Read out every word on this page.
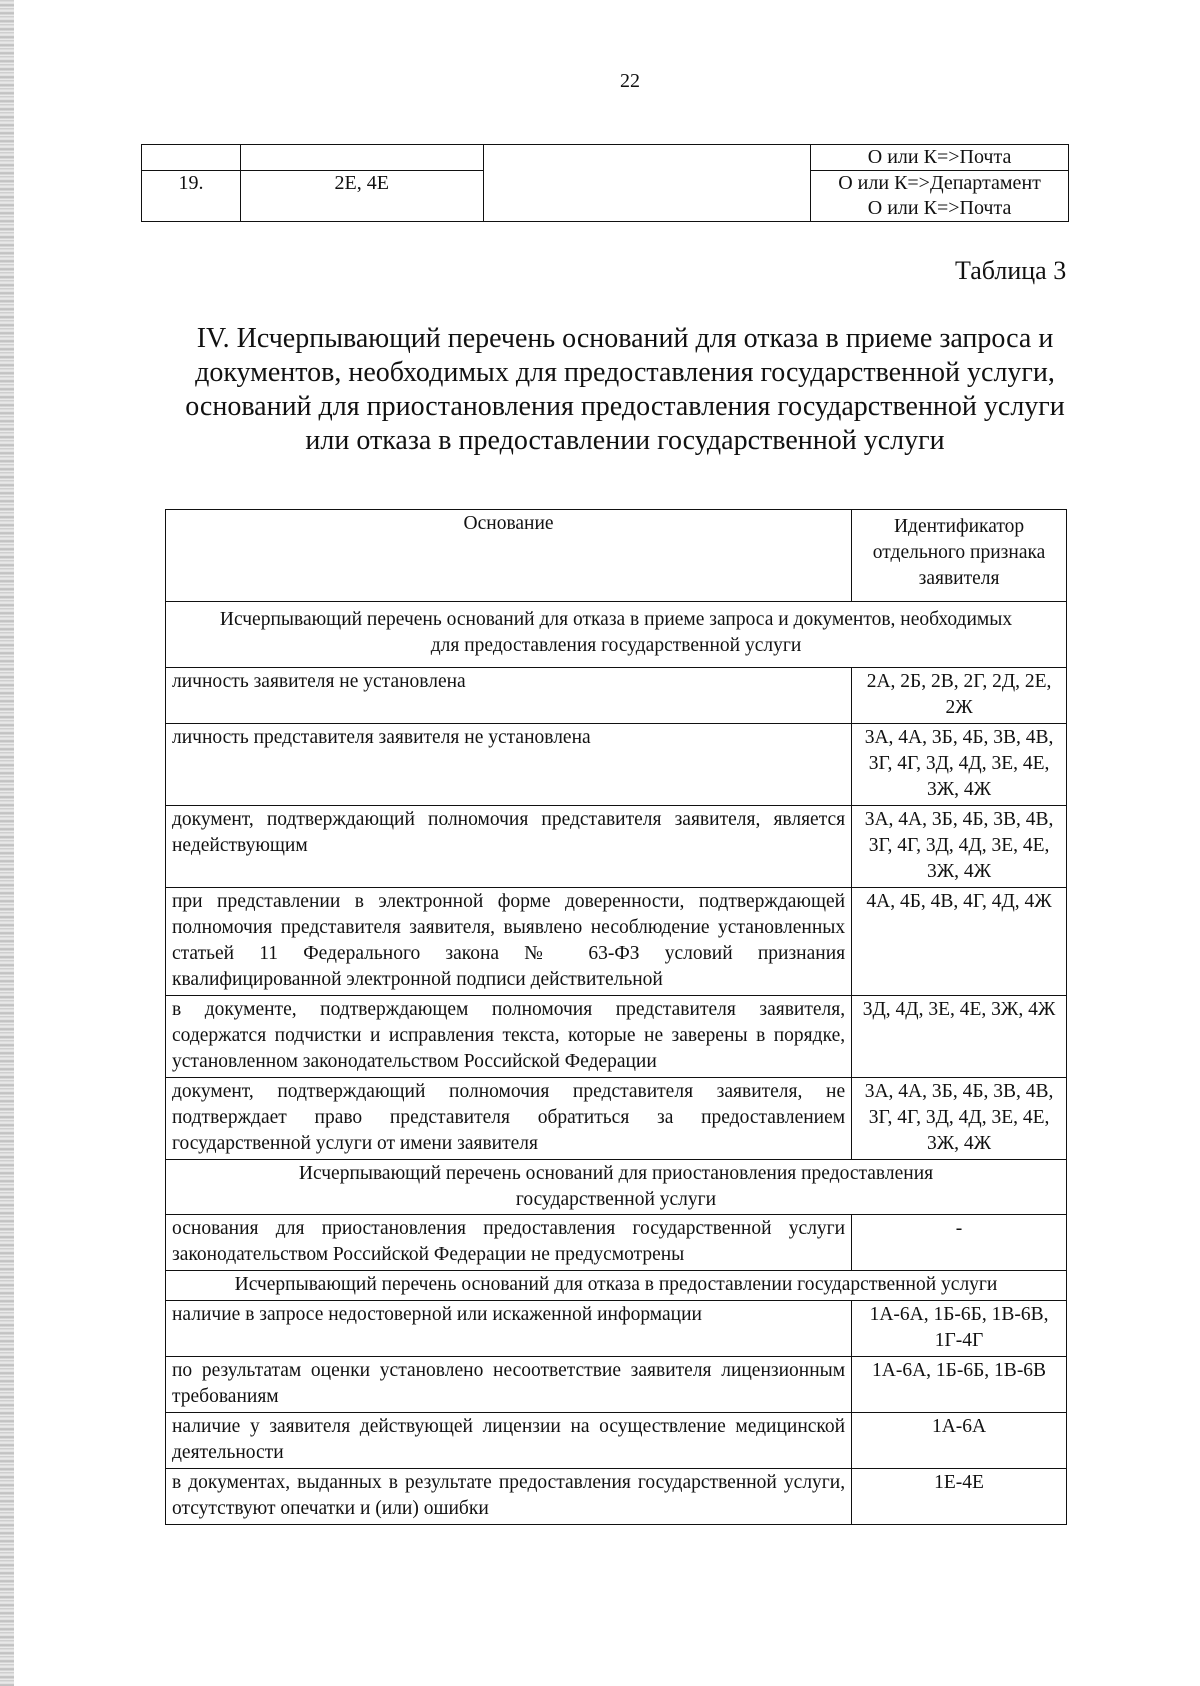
22
			О или К=>Почта
19.	2E, 4E		О или К=>Департамент
О или К=>Почта
Таблица 3
IV. Исчерпывающий перечень оснований для отказа в приеме запроса и документов, необходимых для предоставления государственной услуги, оснований для приостановления предоставления государственной услуги или отказа в предоставлении государственной услуги
Основание	Идентификатор отдельного признака заявителя
Исчерпывающий перечень оснований для отказа в приеме запроса и документов, необходимых для предоставления государственной услуги	
личность заявителя не установлена	2А, 2Б, 2В, 2Г, 2Д, 2Е, 2Ж
личность представителя заявителя не установлена	3А, 4А, 3Б, 4Б, 3В, 4В, 3Г, 4Г, 3Д, 4Д, 3Е, 4Е, 3Ж, 4Ж
документ, подтверждающий полномочия представителя заявителя, является недействующим	3А, 4А, 3Б, 4Б, 3В, 4В, 3Г, 4Г, 3Д, 4Д, 3Е, 4Е, 3Ж, 4Ж
при представлении в электронной форме доверенности, подтверждающей полномочия представителя заявителя, выявлено несоблюдение установленных статьей 11 Федерального закона № 63-ФЗ условий признания квалифицированной электронной подписи действительной	4А, 4Б, 4В, 4Г, 4Д, 4Ж
в документе, подтверждающем полномочия представителя заявителя, содержатся подчистки и исправления текста, которые не заверены в порядке, установленном законодательством Российской Федерации	3Д, 4Д, 3Е, 4Е, 3Ж, 4Ж
документ, подтверждающий полномочия представителя заявителя, не подтверждает право представителя обратиться за предоставлением государственной услуги от имени заявителя	3А, 4А, 3Б, 4Б, 3В, 4В, 3Г, 4Г, 3Д, 4Д, 3Е, 4Е, 3Ж, 4Ж
Исчерпывающий перечень оснований для приостановления предоставления государственной услуги	
основания для приостановления предоставления государственной услуги законодательством Российской Федерации не предусмотрены	-
Исчерпывающий перечень оснований для отказа в предоставлении государственной услуги	
наличие в запросе недостоверной или искаженной информации	1А-6А, 1Б-6Б, 1В-6В, 1Г-4Г
по результатам оценки установлено несоответствие заявителя лицензионным требованиям	1А-6А, 1Б-6Б, 1В-6В
наличие у заявителя действующей лицензии на осуществление медицинской деятельности	1А-6А
в документах, выданных в результате предоставления государственной услуги, отсутствуют опечатки и (или) ошибки	1Е-4Е
